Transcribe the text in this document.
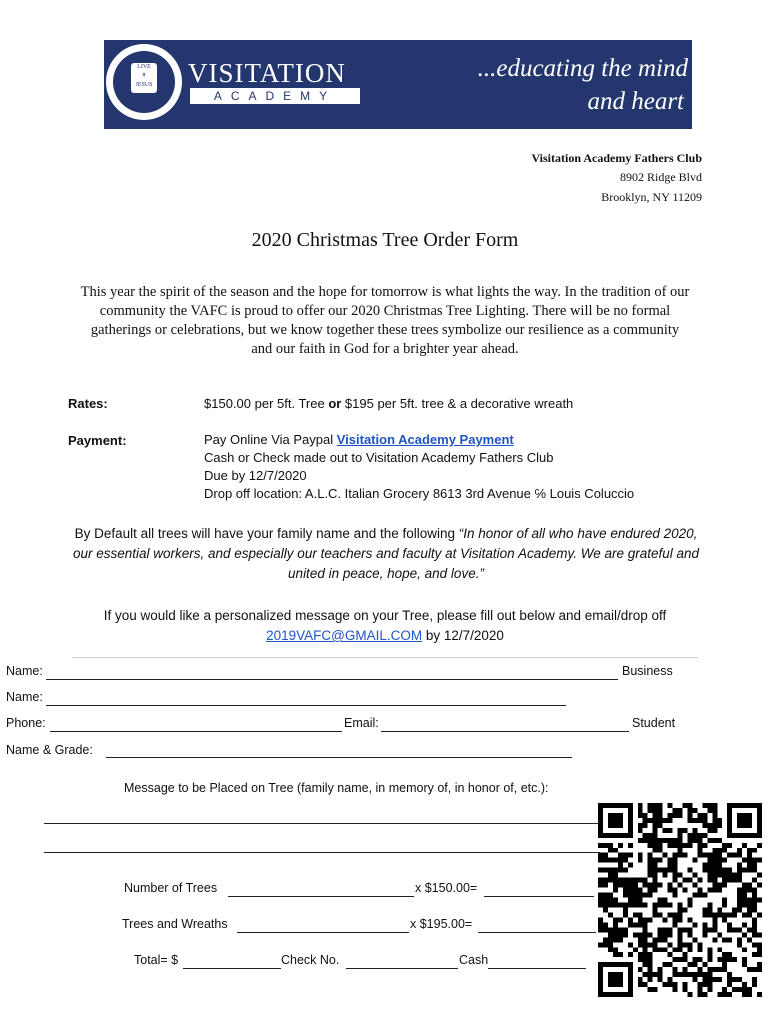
LIVE
✝
JESUS VISITATION
ACADEMY
...educating the mind
and heart
Visitation Academy Fathers Club
8902 Ridge Blvd
Brooklyn, NY 11209
2020 Christmas Tree Order Form
This year the spirit of the season and the hope for tomorrow is what lights the way. In the tradition of our community the VAFC is proud to offer our 2020 Christmas Tree Lighting. There will be no formal gatherings or celebrations, but we know together these trees symbolize our resilience as a community and our faith in God for a brighter year ahead.
Rates:	$150.00 per 5ft. Tree or $195 per 5ft. tree & a decorative wreath
Payment:	Pay Online Via Paypal Visitation Academy Payment
Cash or Check made out to Visitation Academy Fathers Club
Due by 12/7/2020
Drop off location: A.L.C. Italian Grocery 8613 3rd Avenue ℅ Louis Coluccio
By Default all trees will have your family name and the following “In honor of all who have endured 2020, our essential workers, and especially our teachers and faculty at Visitation Academy. We are grateful and united in peace, hope, and love.”
If you would like a personalized message on your Tree, please fill out below and email/drop off
2019VAFC@GMAIL.COM by 12/7/2020
Name:	Business
Name:
Phone:	Email:	Student
Name & Grade:
Message to be Placed on Tree (family name, in memory of, in honor of, etc.):
Number of Trees	x $150.00=
Trees and Wreaths	x $195.00=
Total= $	Check No.	Cash
